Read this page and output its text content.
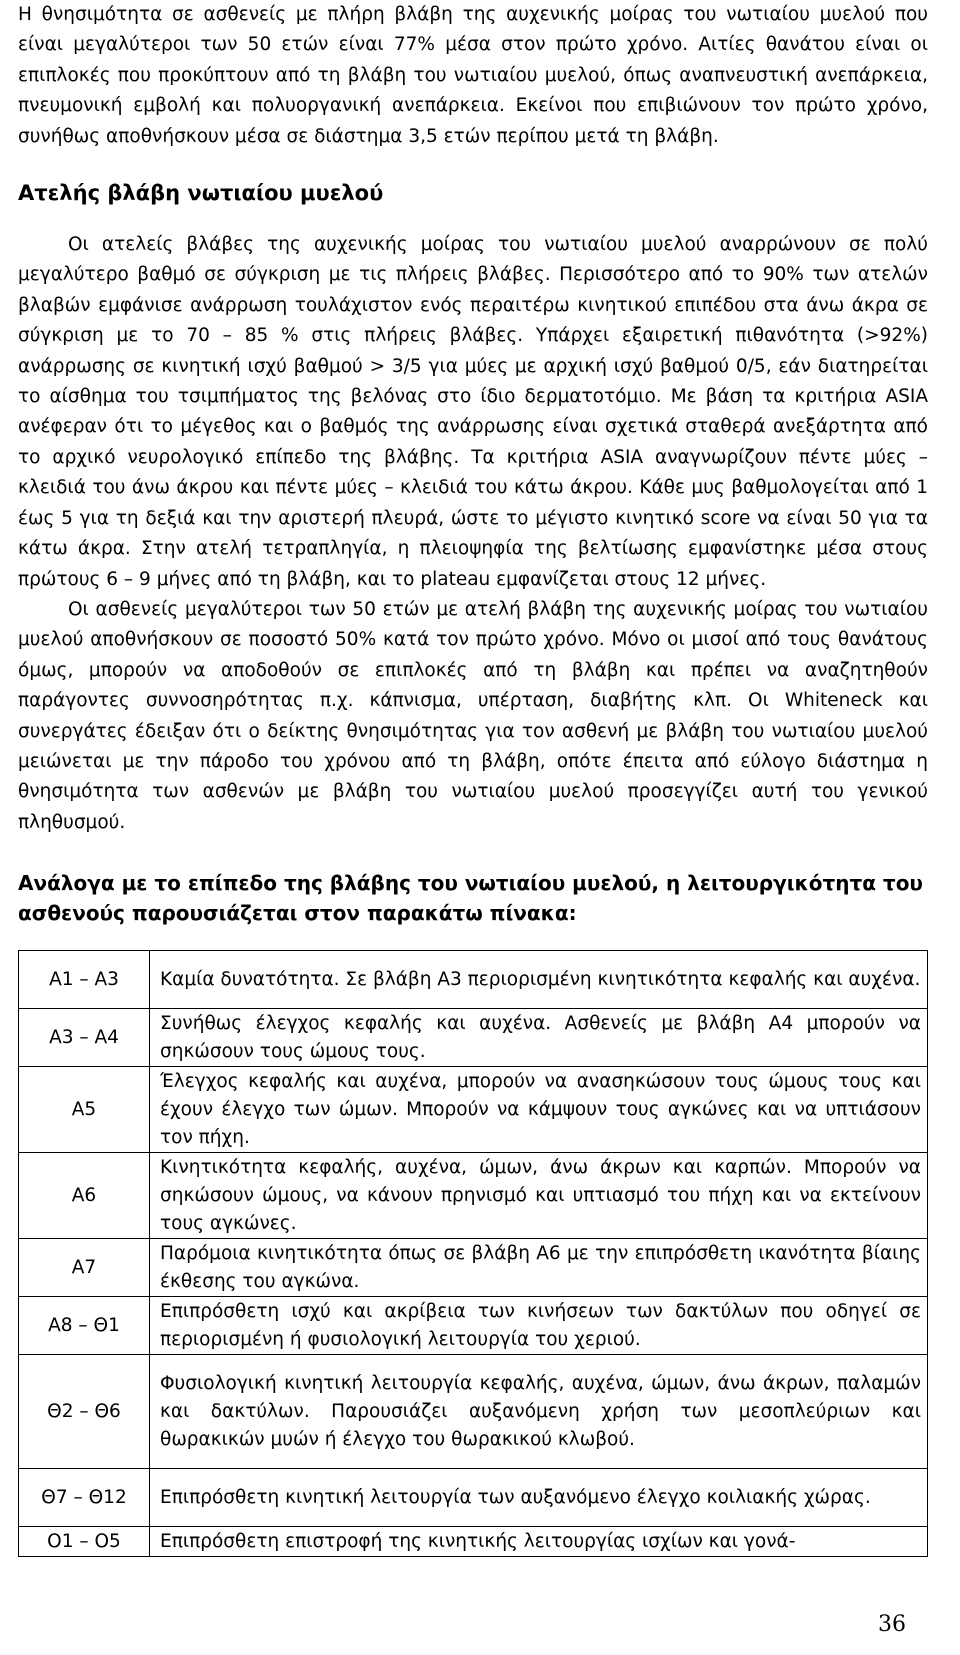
Η θνησιμότητα σε ασθενείς με πλήρη βλάβη της αυχενικής μοίρας του νωτιαίου μυελού που είναι μεγαλύτεροι των 50 ετών είναι 77% μέσα στον πρώτο χρόνο. Αιτίες θανάτου είναι οι επιπλοκές που προκύπτουν από τη βλάβη του νωτιαίου μυελού, όπως αναπνευστική ανεπάρκεια, πνευμονική εμβολή και πολυοργανική ανεπάρκεια. Εκείνοι που επιβιώνουν τον πρώτο χρόνο, συνήθως αποθνήσκουν μέσα σε διάστημα 3,5 ετών περίπου μετά τη βλάβη.

Ατελής βλάβη νωτιαίου μυελού

Οι ατελείς βλάβες της αυχενικής μοίρας του νωτιαίου μυελού αναρρώνουν σε πολύ μεγαλύτερο βαθμό σε σύγκριση με τις πλήρεις βλάβες. Περισσότερο από το 90% των ατελών βλαβών εμφάνισε ανάρρωση τουλάχιστον ενός περαιτέρω κινητικού επιπέδου στα άνω άκρα σε σύγκριση με το 70 – 85 % στις πλήρεις βλάβες. Υπάρχει εξαιρετική πιθανότητα (>92%) ανάρρωσης σε κινητική ισχύ βαθμού > 3/5 για μύες με αρχική ισχύ βαθμού 0/5, εάν διατηρείται το αίσθημα του τσιμπήματος της βελόνας στο ίδιο δερματοτόμιο. Με βάση τα κριτήρια ASIA ανέφεραν ότι το μέγεθος και ο βαθμός της ανάρρωσης είναι σχετικά σταθερά ανεξάρτητα από το αρχικό νευρολογικό επίπεδο της βλάβης. Τα κριτήρια ASIA αναγνωρίζουν πέντε μύες – κλειδιά του άνω άκρου και πέντε μύες – κλειδιά του κάτω άκρου. Κάθε μυς βαθμολογείται από 1 έως 5 για τη δεξιά και την αριστερή πλευρά, ώστε το μέγιστο κινητικό score να είναι 50 για τα κάτω άκρα. Στην ατελή τετραπληγία, η πλειοψηφία της βελτίωσης εμφανίστηκε μέσα στους πρώτους 6 – 9 μήνες από τη βλάβη, και το plateau εμφανίζεται στους 12 μήνες.

Οι ασθενείς μεγαλύτεροι των 50 ετών με ατελή βλάβη της αυχενικής μοίρας του νωτιαίου μυελού αποθνήσκουν σε ποσοστό 50% κατά τον πρώτο χρόνο. Μόνο οι μισοί από τους θανάτους όμως, μπορούν να αποδοθούν σε επιπλοκές από τη βλάβη και πρέπει να αναζητηθούν παράγοντες συννοσηρότητας π.χ. κάπνισμα, υπέρταση, διαβήτης κλπ. Οι Whiteneck και συνεργάτες έδειξαν ότι ο δείκτης θνησιμότητας για τον ασθενή με βλάβη του νωτιαίου μυελού μειώνεται με την πάροδο του χρόνου από τη βλάβη, οπότε έπειτα από εύλογο διάστημα η θνησιμότητα των ασθενών με βλάβη του νωτιαίου μυελού προσεγγίζει αυτή του γενικού πληθυσμού.

Ανάλογα με το επίπεδο της βλάβης του νωτιαίου μυελού, η λειτουργικότητα του ασθενούς παρουσιάζεται στον παρακάτω πίνακα:
Α1 – Α3	Καμία δυνατότητα. Σε βλάβη Α3 περιορισμένη κινητικότητα κεφαλής και αυχένα.
Α3 – Α4	Συνήθως έλεγχος κεφαλής και αυχένα. Ασθενείς με βλάβη Α4 μπορούν να σηκώσουν τους ώμους τους.
Α5	Έλεγχος κεφαλής και αυχένα, μπορούν να ανασηκώσουν τους ώμους τους και έχουν έλεγχο των ώμων. Μπορούν να κάμψουν τους αγκώνες και να υπτιάσουν τον πήχη.
Α6	Κινητικότητα κεφαλής, αυχένα, ώμων, άνω άκρων και καρπών. Μπορούν να σηκώσουν ώμους, να κάνουν πρηνισμό και υπτιασμό του πήχη και να εκτείνουν τους αγκώνες.
Α7	Παρόμοια κινητικότητα όπως σε βλάβη Α6 με την επιπρόσθετη ικανότητα βίαιης έκθεσης του αγκώνα.
Α8 – Θ1	Επιπρόσθετη ισχύ και ακρίβεια των κινήσεων των δακτύλων που οδηγεί σε περιορισμένη ή φυσιολογική λειτουργία του χεριού.
Θ2 – Θ6	Φυσιολογική κινητική λειτουργία κεφαλής, αυχένα, ώμων, άνω άκρων, παλαμών και δακτύλων. Παρουσιάζει αυξανόμενη χρήση των μεσοπλεύριων και θωρακικών μυών ή έλεγχο του θωρακικού κλωβού.
Θ7 – Θ12	Επιπρόσθετη κινητική λειτουργία των αυξανόμενο έλεγχο κοιλιακής χώρας.
Ο1 – Ο5	Επιπρόσθετη επιστροφή της κινητικής λειτουργίας ισχίων και γονά-
36
